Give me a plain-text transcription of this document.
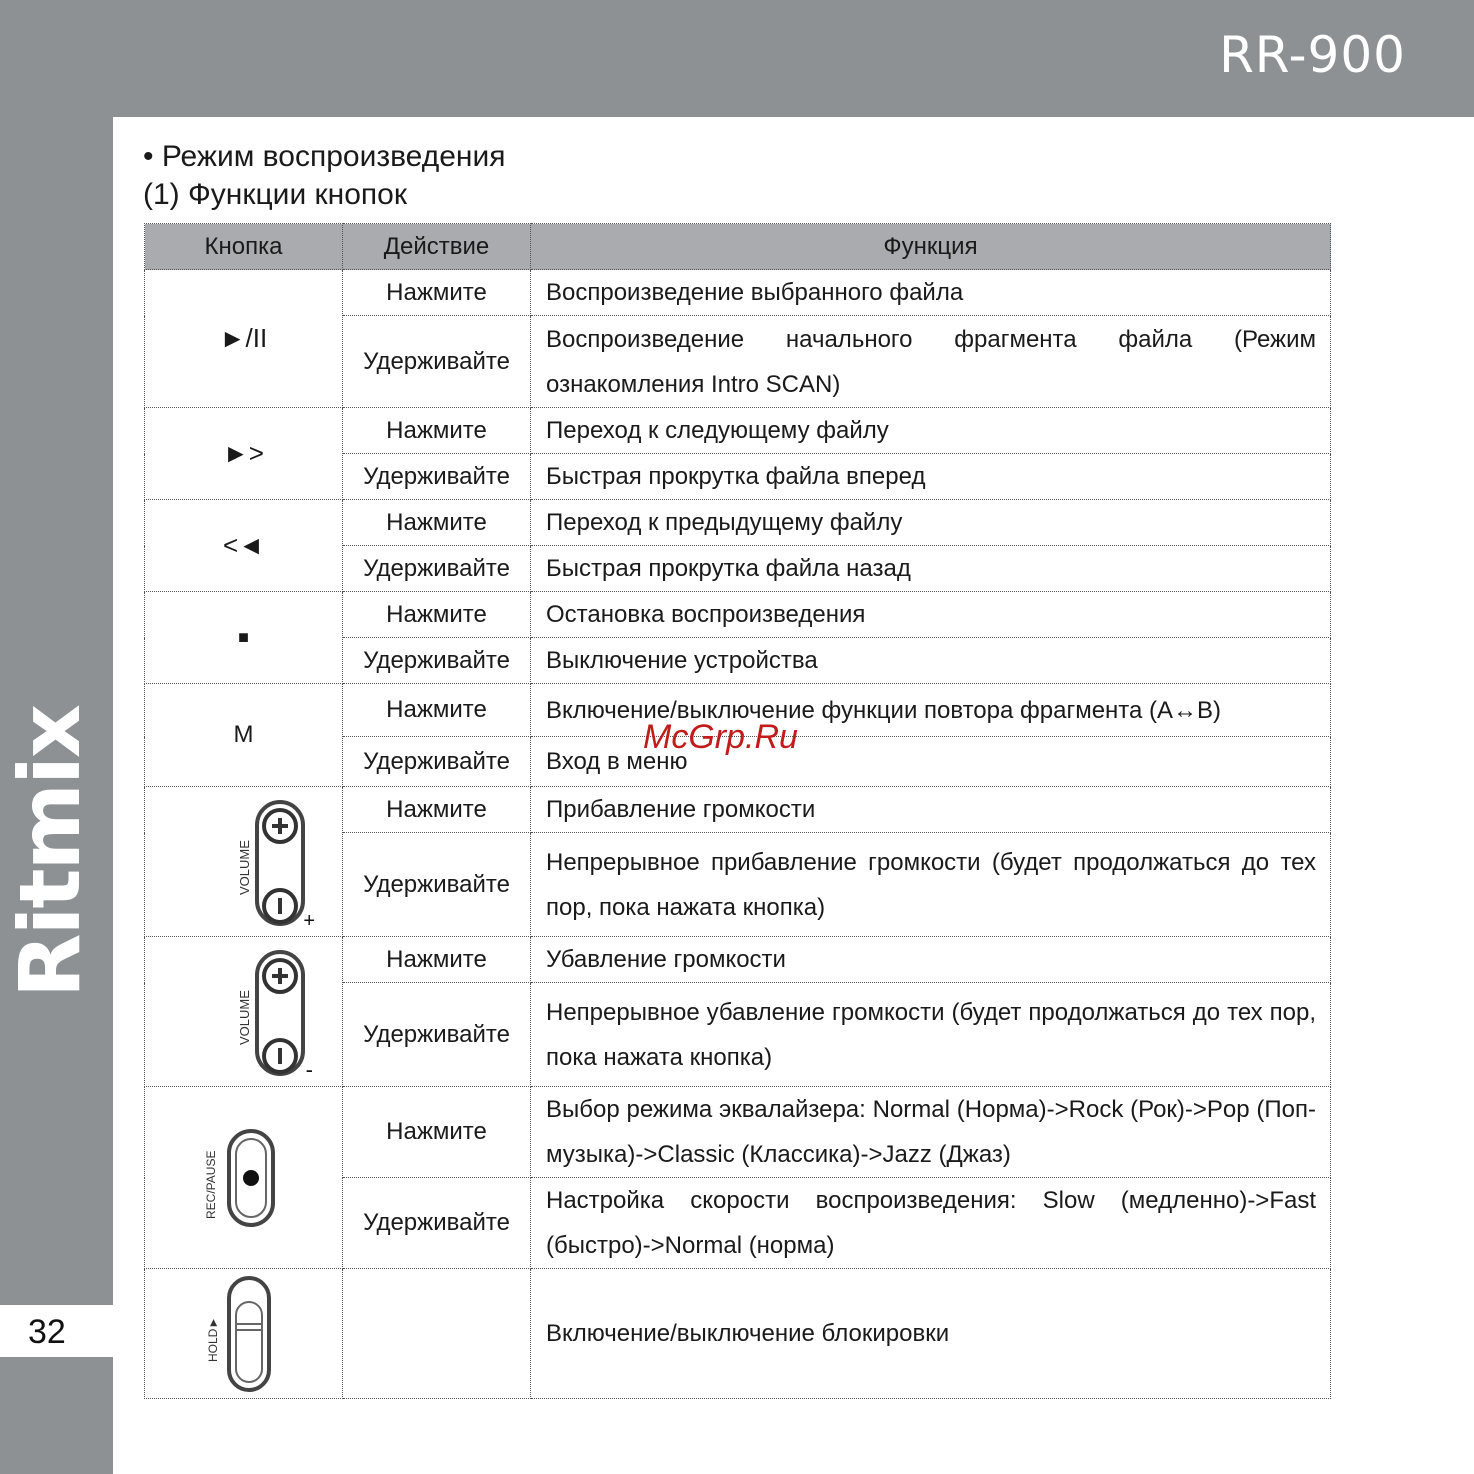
RR-900
Ritmix
32
• Режим воспроизведения
(1) Функции кнопок
Кнопка	Действие	Функция
►/II	Нажмите	Воспроизведение выбранного файла
	Удерживайте	Воспроизведение начального фрагмента файла (Режим ознакомления Intro SCAN)
►>	Нажмите	Переход к следующему файлу
	Удерживайте	Быстрая прокрутка файла вперед
<◄	Нажмите	Переход к предыдущему файлу
	Удерживайте	Быстрая прокрутка файла назад
■	Нажмите	Остановка воспроизведения
	Удерживайте	Выключение устройства
M	Нажмите	Включение/выключение функции повтора фрагмента (A↔B)
	Удерживайте	Вход в меню

VOLUME
+	Нажмите	Прибавление громкости
	Удерживайте	Непрерывное прибавление громкости (будет продолжаться до тех пор, пока нажата кнопка)

VOLUME
-	Нажмите	Убавление громкости
	Удерживайте	Непрерывное убавление громкости (будет продолжаться до тех пор, пока нажата кнопка)

REC/PAUSE	Нажмите	Выбор режима эквалайзера: Normal (Норма)->Rock (Рок)->Pop (Поп-музыка)->Classic (Классика)->Jazz (Джаз)
	Удерживайте	Настройка скорости воспроизведения: Slow (медленно)->Fast (быстро)->Normal (норма)

HOLD►		Включение/выключение блокировки
McGrp.Ru
